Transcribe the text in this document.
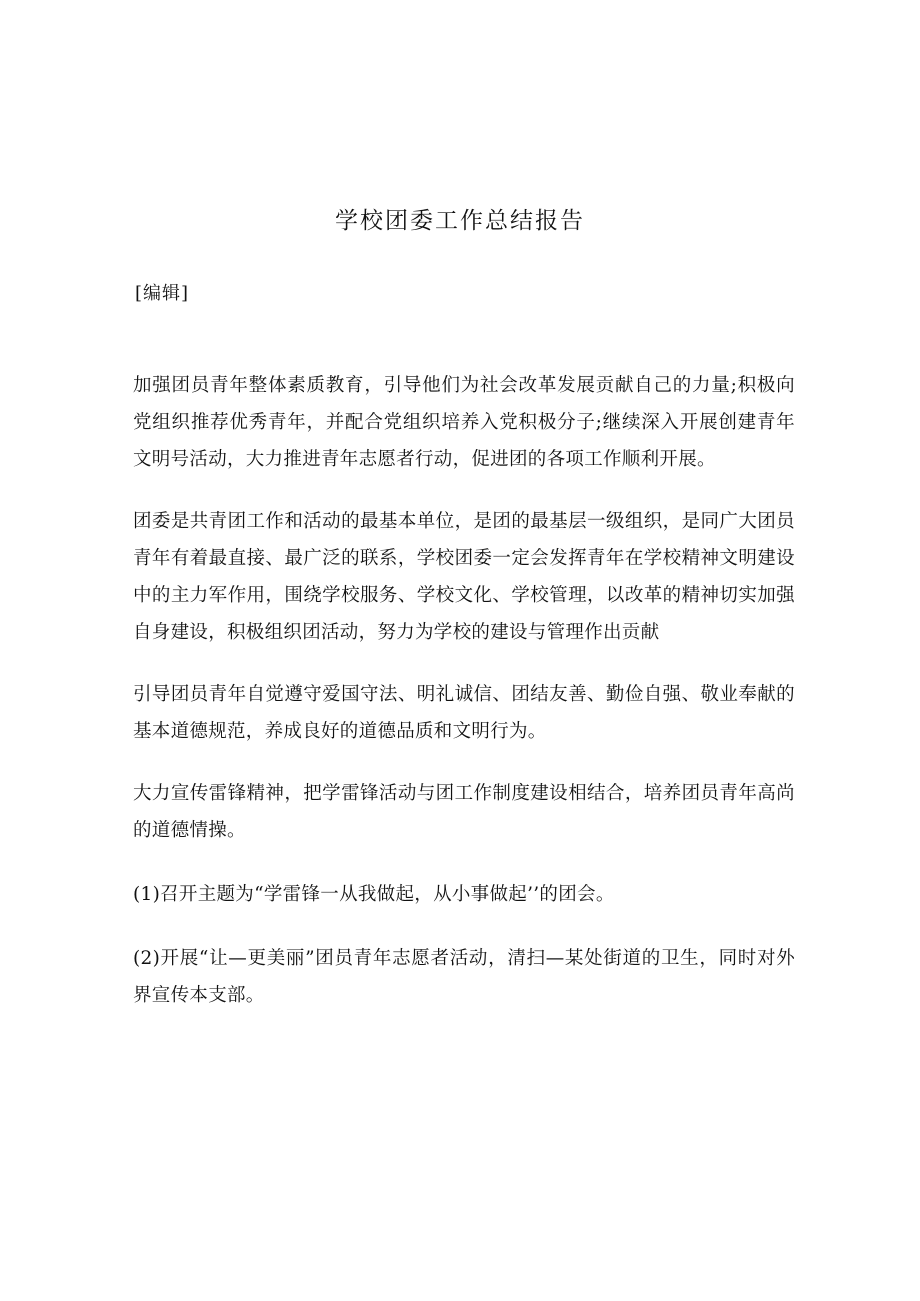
学校团委工作总结报告
[编辑]

加强团员青年整体素质教育，引导他们为社会改革发展贡献自己的力量;积极向党组织推荐优秀青年，并配合党组织培养入党积极分子;继续深入开展创建青年文明号活动，大力推进青年志愿者行动，促进团的各项工作顺利开展。

团委是共青团工作和活动的最基本单位，是团的最基层一级组织，是同广大团员青年有着最直接、最广泛的联系，学校团委一定会发挥青年在学校精神文明建设中的主力军作用，围绕学校服务、学校文化、学校管理，以改革的精神切实加强自身建设，积极组织团活动，努力为学校的建设与管理作出贡献

引导团员青年自觉遵守爱国守法、明礼诚信、团结友善、勤俭自强、敬业奉献的基本道德规范，养成良好的道德品质和文明行为。

大力宣传雷锋精神，把学雷锋活动与团工作制度建设相结合，培养团员青年高尚的道德情操。

(1)召开主题为“学雷锋一从我做起，从小事做起’’的团会。

(2)开展“让—更美丽”团员青年志愿者活动，清扫—某处街道的卫生，同时对外界宣传本支部。
